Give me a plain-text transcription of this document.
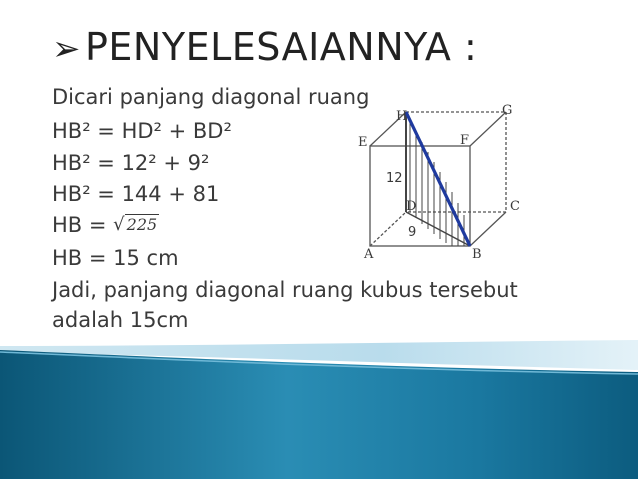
➢ PENYELESAIANNYA :
Dicari panjang diagonal ruang
HB² = HD² + BD²
HB² = 12² + 9²
HB² = 144 + 81
HB = √ 225
HB = 15 cm
Jadi, panjang diagonal ruang kubus tersebut
adalah 15cm
E	F
G
H
A	B
C
D
12
9
